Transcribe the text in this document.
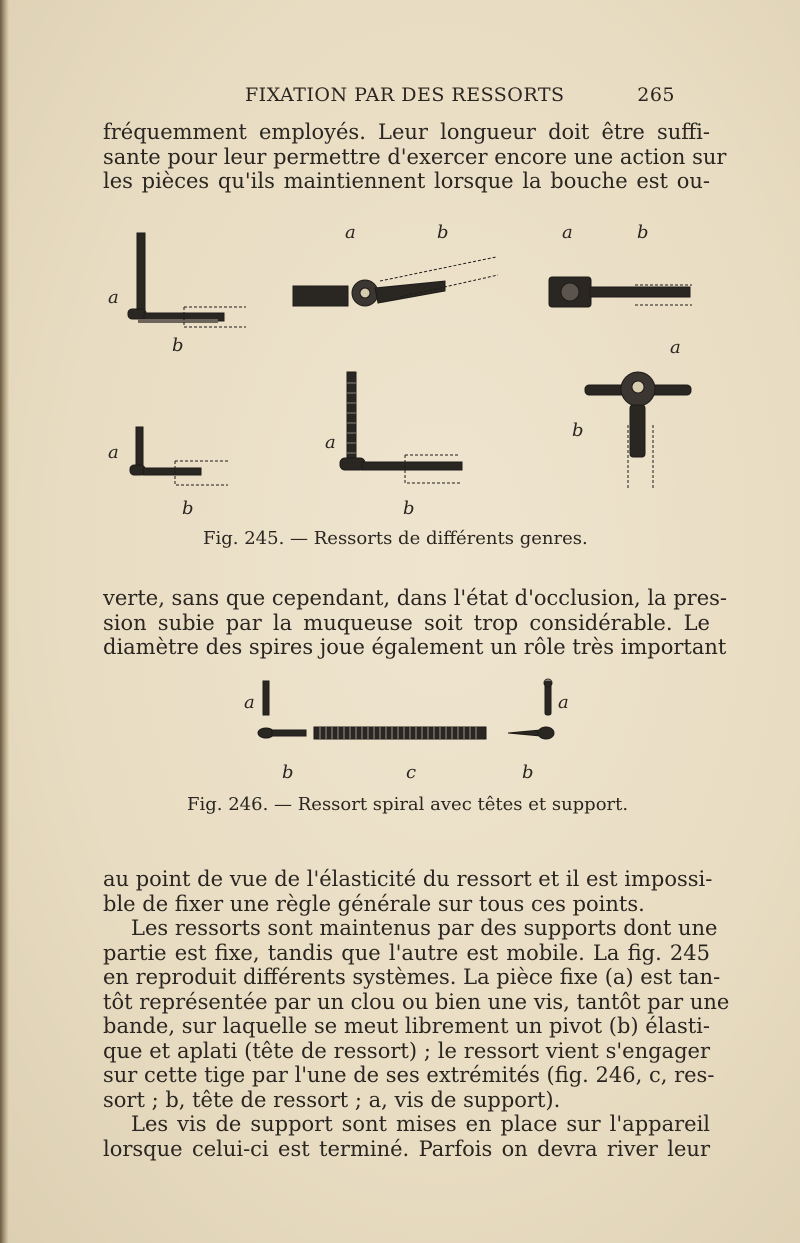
FIXATION PAR DES RESSORTS	265
fréquemment employés. Leur longueur doit être suffi-
sante pour leur permettre d'exercer encore une action sur
les pièces qu'ils maintiennent lorsque la bouche est ou-
a	b	a	b
a
b	a
a	a
b
b	b
Fig. 245. — Ressorts de différents genres.
verte, sans que cependant, dans l'état d'occlusion, la pres-
sion subie par la muqueuse soit trop considérable. Le
diamètre des spires joue également un rôle très important
a	a
b	c	b
Fig. 246. — Ressort spiral avec têtes et support.
au point de vue de l'élasticité du ressort et il est impossi-
ble de fixer une règle générale sur tous ces points.
Les ressorts sont maintenus par des supports dont une
partie est fixe, tandis que l'autre est mobile. La fig. 245
en reproduit différents systèmes. La pièce fixe (a) est tan-
tôt représentée par un clou ou bien une vis, tantôt par une
bande, sur laquelle se meut librement un pivot (b) élasti-
que et aplati (tête de ressort) ; le ressort vient s'engager
sur cette tige par l'une de ses extrémités (fig. 246, c, res-
sort ; b, tête de ressort ; a, vis de support).
Les vis de support sont mises en place sur l'appareil
lorsque celui-ci est terminé. Parfois on devra river leur
